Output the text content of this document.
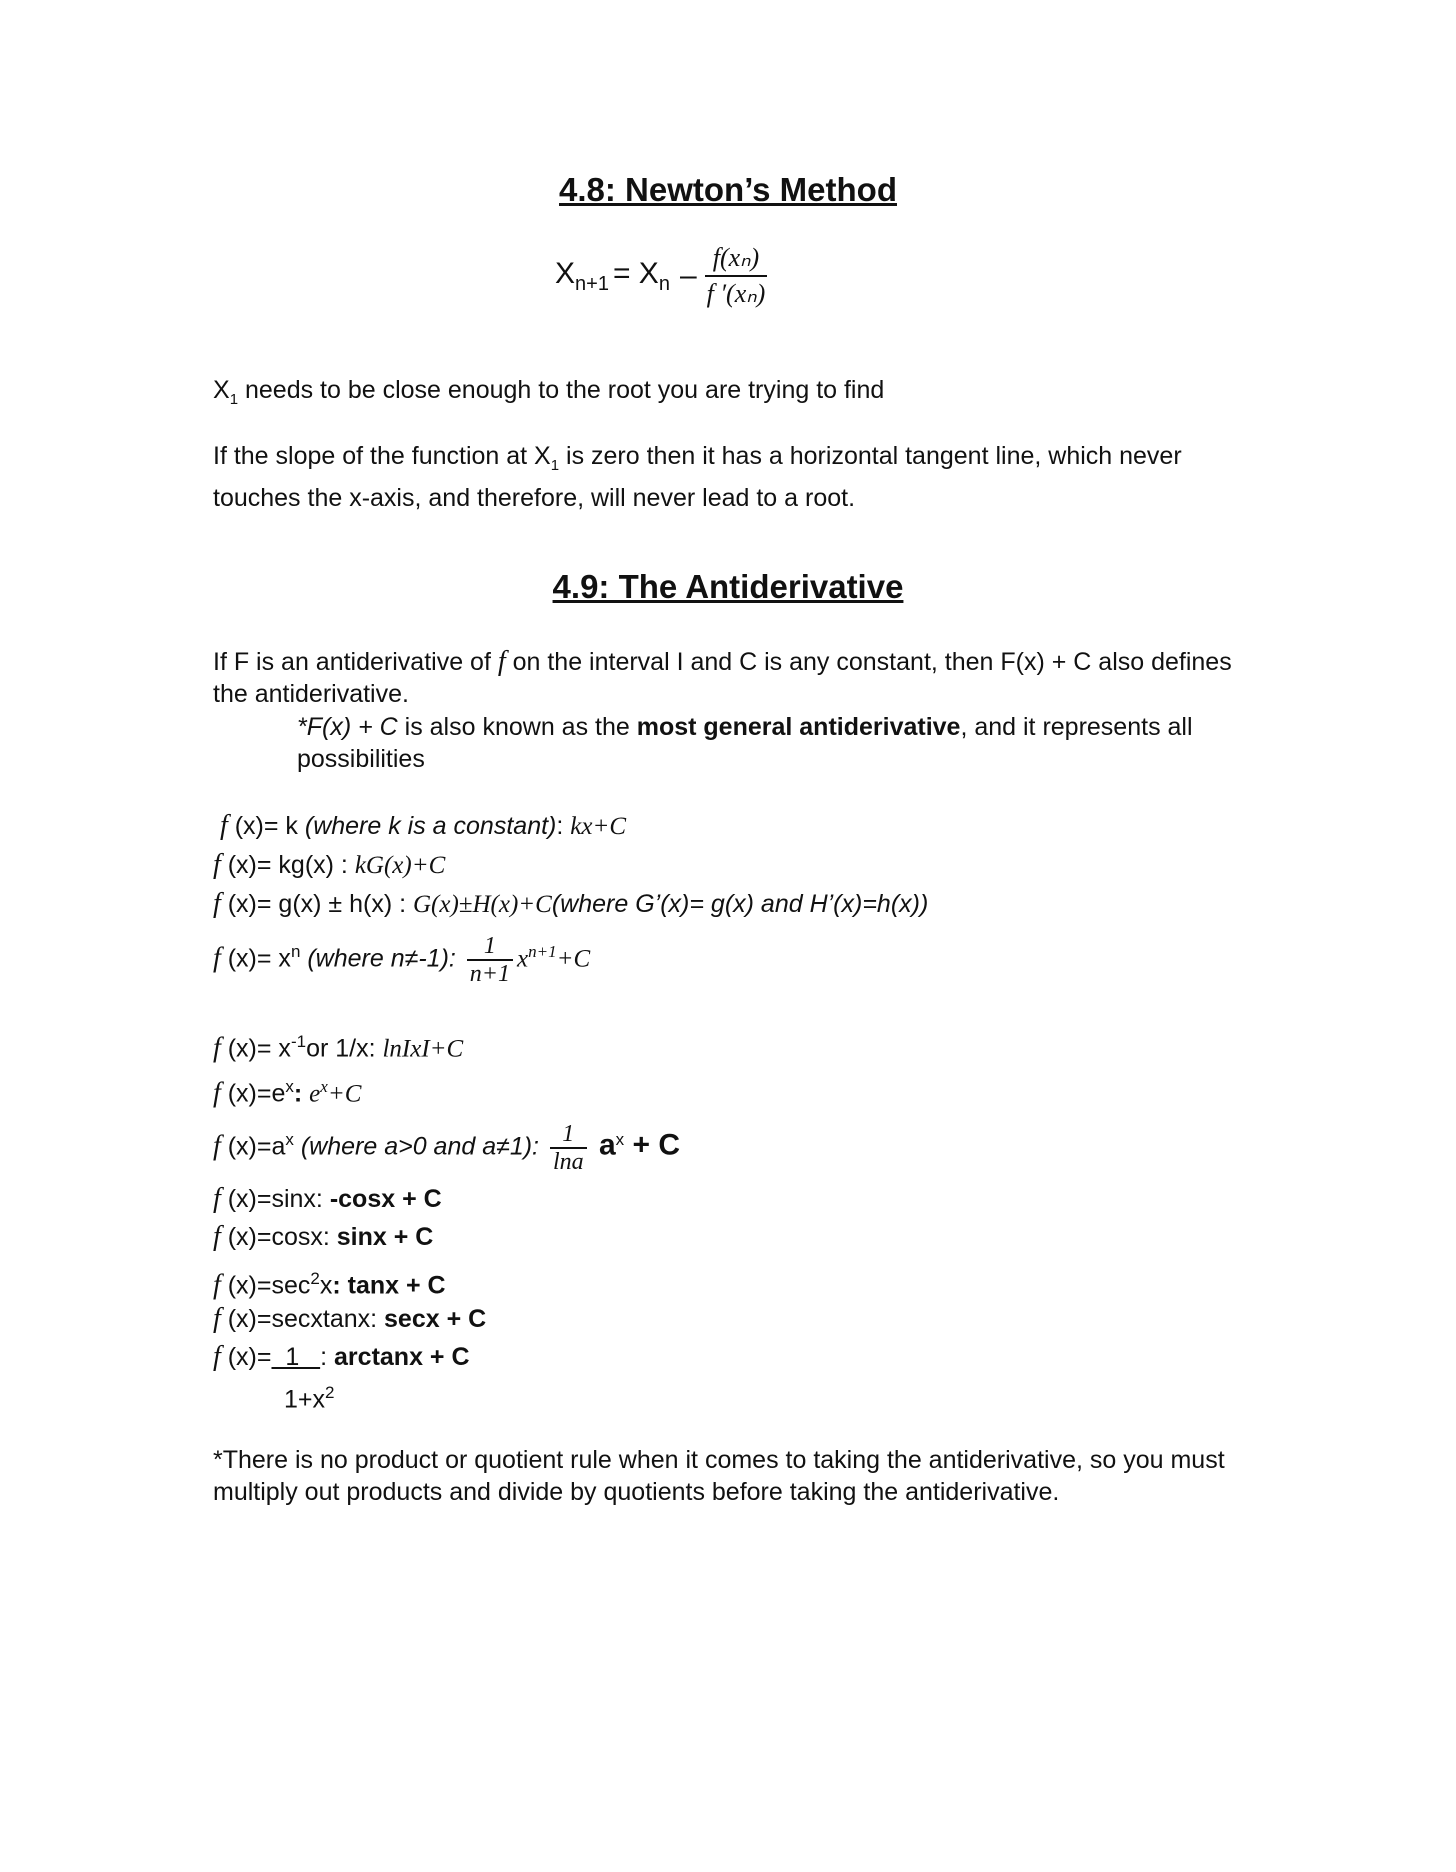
4.8: Newton’s Method
$X_{n+1} = X_n - \frac{\text{f(xₙ)}}{\text{f ′(xₙ)}}$
$X_1$ needs to be close enough to the root you are trying to find
If the slope of the function at $X_1$ is zero then it has a horizontal tangent line, which never touches the x-axis, and therefore, will never lead to a root.
4.9: The Antiderivative
If F is an antiderivative of f on the interval I and C is any constant, then F(x) + C also defines the antiderivative.
*F(x) + C is also known as the most general antiderivative, and it represents all possibilities
f (x)= k (where k is a constant): kx+C
f (x)= kg(x) : kG(x)+C
f (x)= g(x) ± h(x) : G(x)±H(x)+C(where G’(x)= g(x) and H’(x)=h(x))
f $(x)= x^n$ (where n≠-1): $\frac{1}{n+1} x^{n+1}+C$
f $(x)= x^{-1}or$ 1/x: lnIxI+C
f $(x)=e^x$: $e^x+C$
f $(x)=a^x$ (where a>0 and a≠1): $\frac{1}{\ln a} a^x + C$
f (x)=sinx: -cosx + C
f (x)=cosx: sinx + C
f $(x)=\sec^2x$: tanx + C
f (x)=secxtanx: secx + C
f (x)=  1   : arctanx + C
$1+x^2$
*There is no product or quotient rule when it comes to taking the antiderivative, so you must multiply out products and divide by quotients before taking the antiderivative.
